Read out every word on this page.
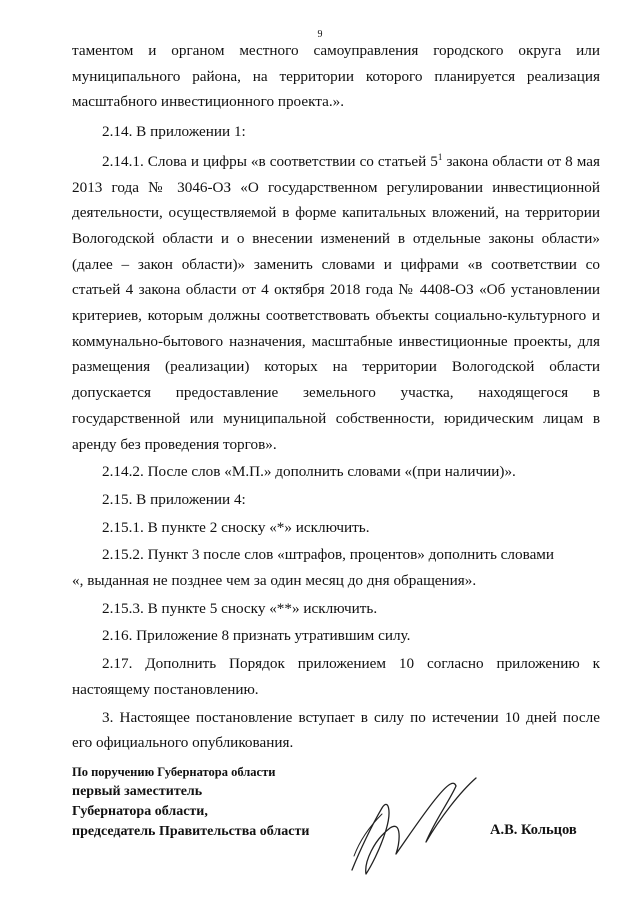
9

таментом и органом местного самоуправления городского округа или муниципального района, на территории которого планируется реализация масштабного инвестиционного проекта.».

2.14. В приложении 1:

2.14.1. Слова и цифры «в соответствии со статьей $5^1$ закона области от 8 мая 2013 года № 3046-ОЗ «О государственном регулировании инвестиционной деятельности, осуществляемой в форме капитальных вложений, на территории Вологодской области и о внесении изменений в отдельные законы области» (далее – закон области)» заменить словами и цифрами «в соответствии со статьей 4 закона области от 4 октября 2018 года № 4408-ОЗ «Об установлении критериев, которым должны соответствовать объекты социально-культурного и коммунально-бытового назначения, масштабные инвестиционные проекты, для размещения (реализации) которых на территории Вологодской области допускается предоставление земельного участка, находящегося в государственной или муниципальной собственности, юридическим лицам в аренду без проведения торгов».

2.14.2. После слов «М.П.» дополнить словами «(при наличии)».

2.15. В приложении 4:

2.15.1. В пункте 2 сноску «*» исключить.

2.15.2. Пункт 3 после слов «штрафов, процентов» дополнить словами

«, выданная не позднее чем за один месяц до дня обращения».

2.15.3. В пункте 5 сноску «**» исключить.

2.16. Приложение 8 признать утратившим силу.

2.17. Дополнить Порядок приложением 10 согласно приложению к настоящему постановлению.

3. Настоящее постановление вступает в силу по истечении 10 дней после его официального опубликования.

По поручению Губернатора области
первый заместитель
Губернатора области,
председатель Правительства области	А.В. Кольцов
